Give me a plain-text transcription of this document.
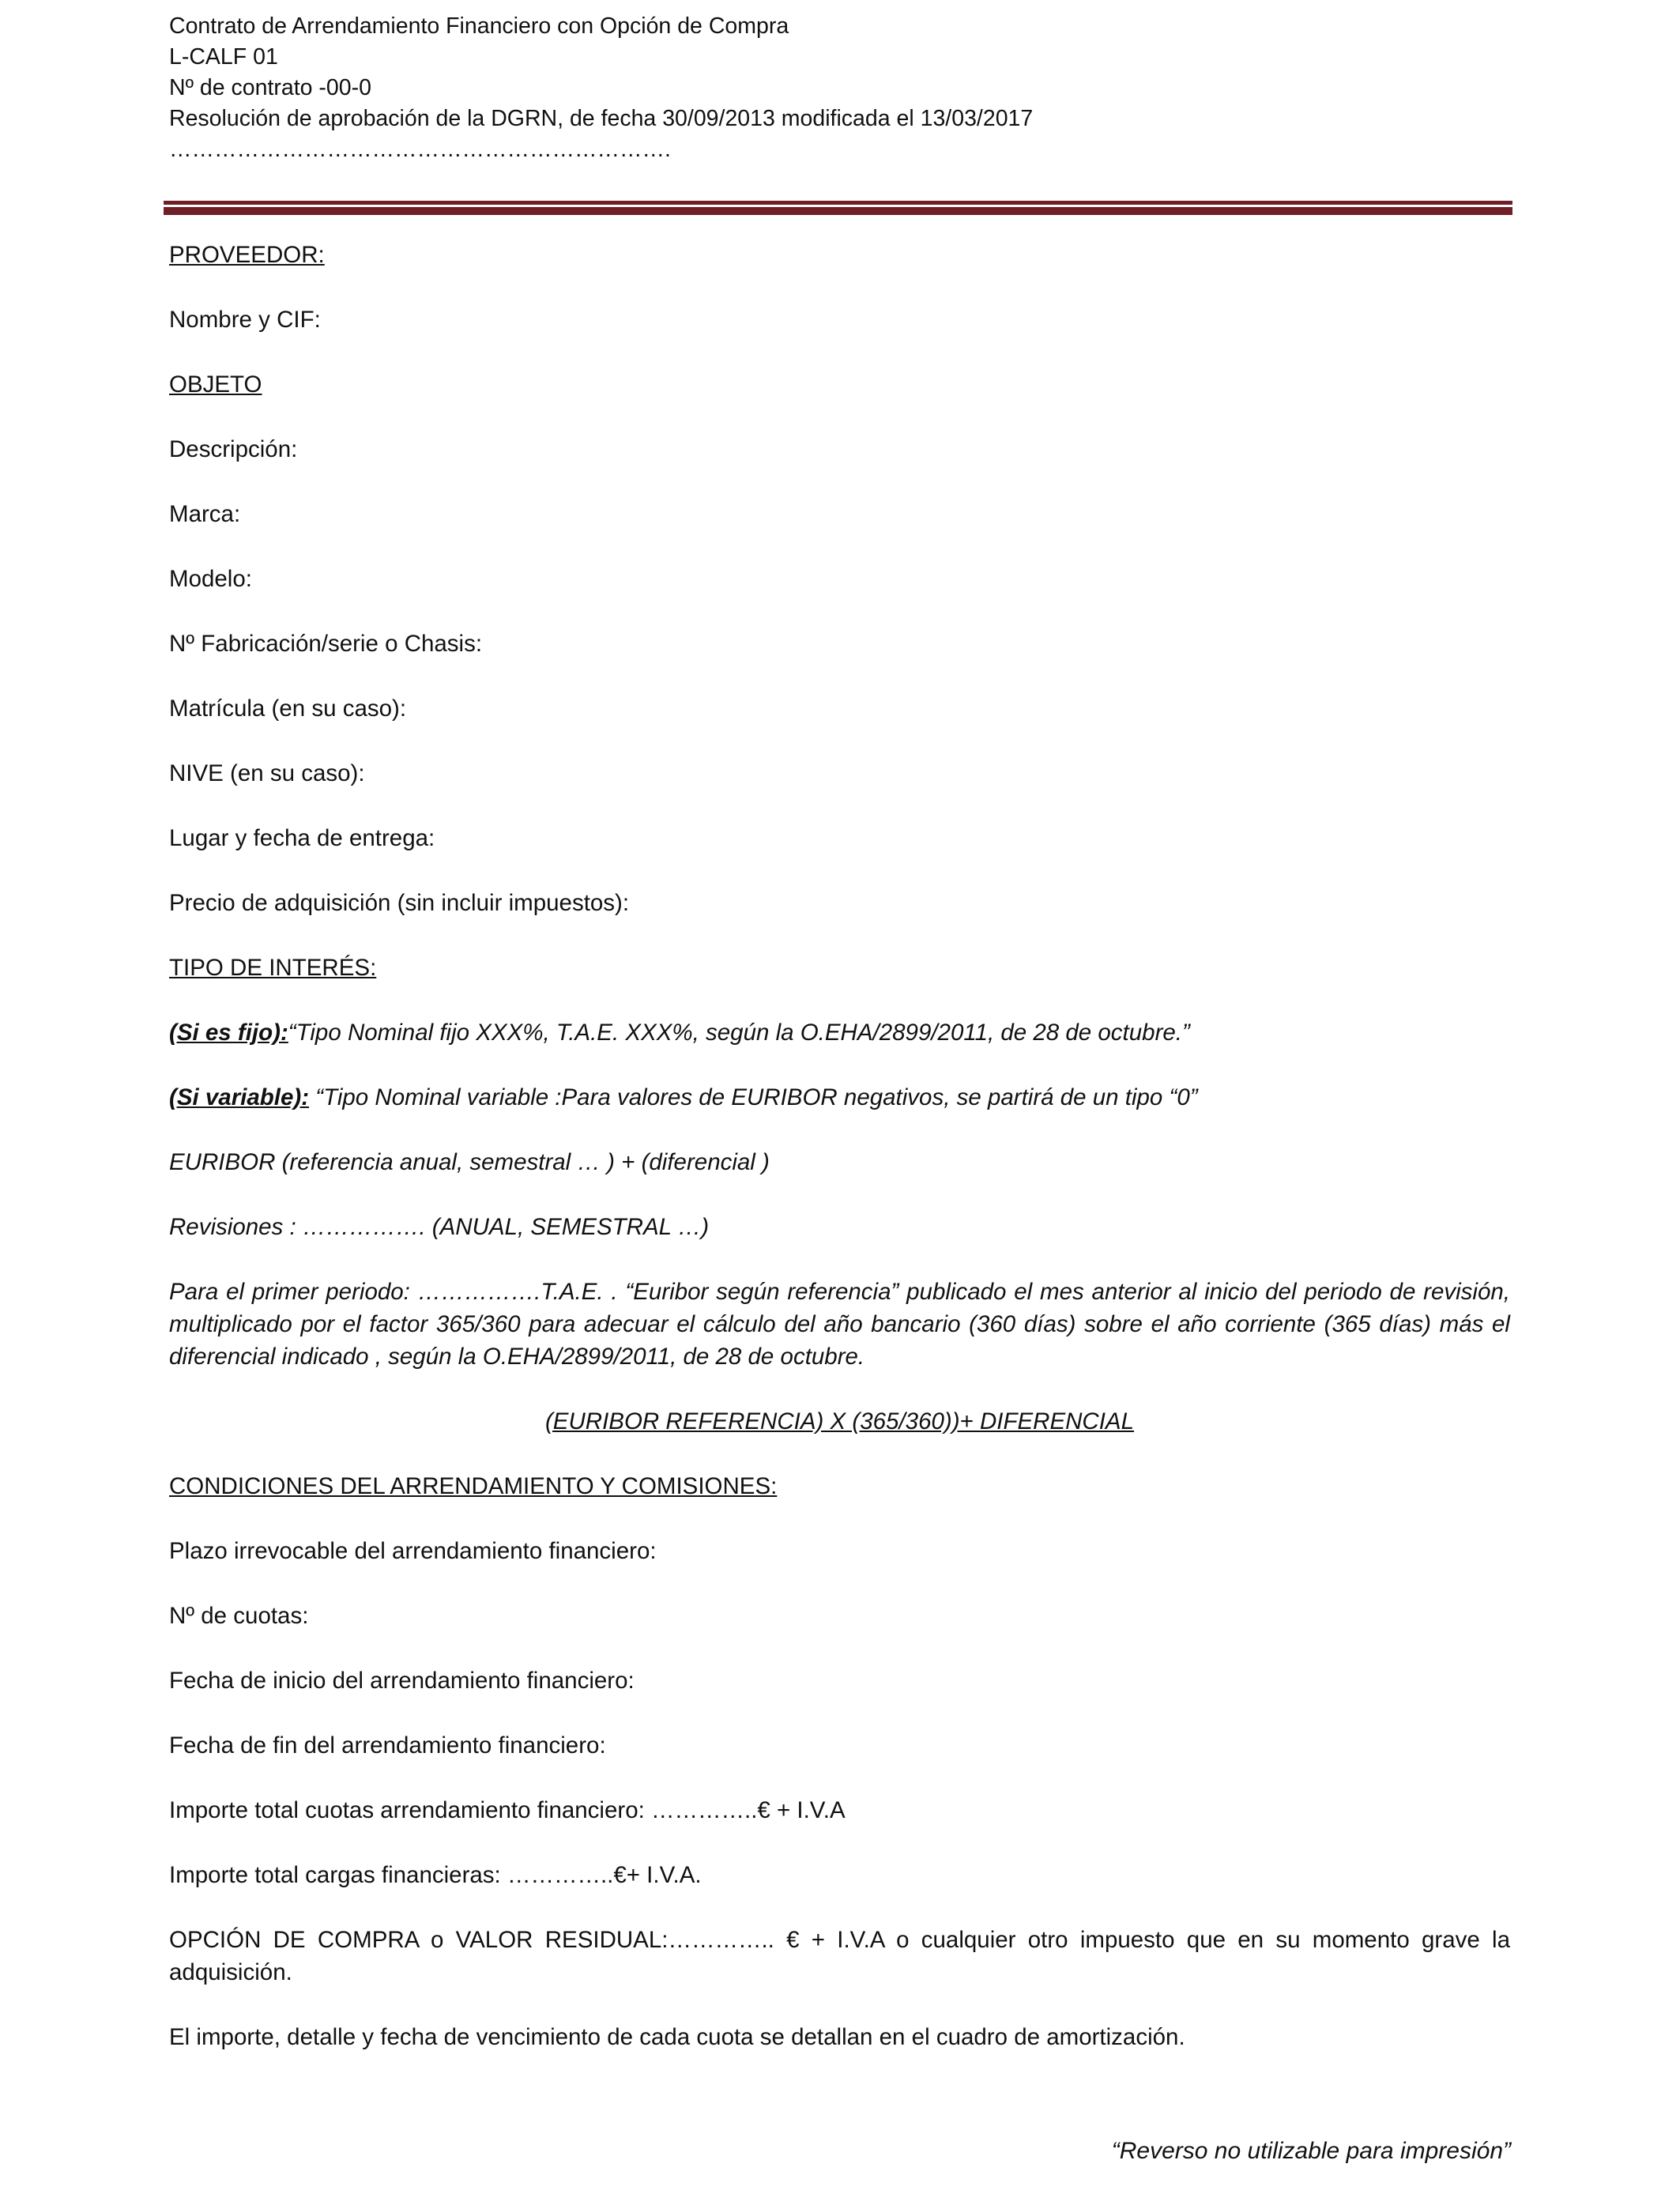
Contrato de Arrendamiento Financiero con Opción de Compra
L-CALF 01
Nº de contrato -00-0
Resolución de aprobación de la DGRN, de fecha 30/09/2013 modificada el 13/03/2017
………………………………………………………….

PROVEEDOR:

Nombre y CIF:

OBJETO

Descripción:

Marca:

Modelo:

Nº Fabricación/serie o Chasis:

Matrícula (en su caso):

NIVE (en su caso):

Lugar y fecha de entrega:

Precio de adquisición (sin incluir impuestos):

TIPO DE INTERÉS:

(Si es fijo):“Tipo Nominal fijo XXX%, T.A.E. XXX%, según la O.EHA/2899/2011, de 28 de octubre.”

(Si variable): “Tipo Nominal variable :Para valores de EURIBOR negativos, se partirá de un tipo “0”

EURIBOR (referencia anual, semestral … ) + (diferencial )

Revisiones : ……………. (ANUAL, SEMESTRAL …)

Para el primer periodo: …………….T.A.E. . “Euribor según referencia” publicado el mes anterior al inicio del periodo de revisión, multiplicado por el factor 365/360 para adecuar el cálculo del año bancario (360 días) sobre el año corriente (365 días) más el diferencial indicado , según la O.EHA/2899/2011, de 28 de octubre.

(EURIBOR REFERENCIA) X (365/360))+ DIFERENCIAL

CONDICIONES DEL ARRENDAMIENTO Y COMISIONES:

Plazo irrevocable del arrendamiento financiero:

Nº de cuotas:

Fecha de inicio del arrendamiento financiero:

Fecha de fin del arrendamiento financiero:

Importe total cuotas arrendamiento financiero: …………..€ + I.V.A

Importe total cargas financieras: …………..€+ I.V.A.

OPCIÓN DE COMPRA o VALOR RESIDUAL:………….. € + I.V.A o cualquier otro impuesto que en su momento grave la adquisición.

El importe, detalle y fecha de vencimiento de cada cuota se detallan en el cuadro de amortización.

“Reverso no utilizable para impresión”
